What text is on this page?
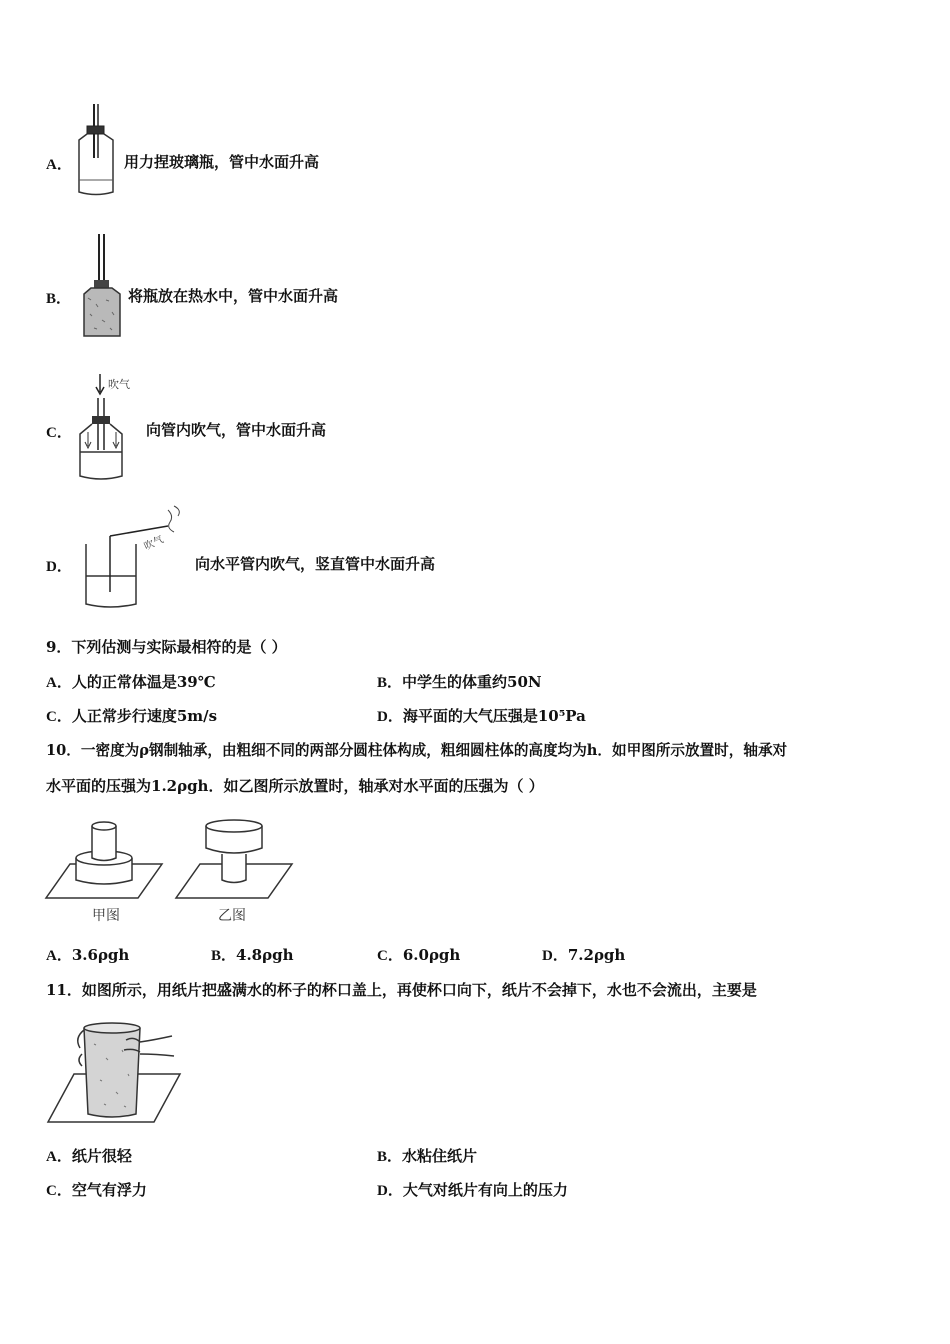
A．	用力捏玻璃瓶，管中水面升高
B．	将瓶放在热水中，管中水面升高
C．
吹气
向管内吹气，管中水面升高
D．
吹气
向水平管内吹气，竖直管中水面升高
9．下列估测与实际最相符的是（ ）
A．人的正常体温是39℃	B．中学生的体重约50N
C．人正常步行速度5m/s	D．海平面的大气压强是10⁵Pa
10．一密度为ρ钢制轴承，由粗细不同的两部分圆柱体构成，粗细圆柱体的高度均为h．如甲图所示放置时，轴承对
水平面的压强为1.2ρgh．如乙图所示放置时，轴承对水平面的压强为（ ）
甲图	乙图
A．3.6ρgh	B．4.8ρgh	C．6.0ρgh	D．7.2ρgh
11．如图所示，用纸片把盛满水的杯子的杯口盖上，再使杯口向下，纸片不会掉下，水也不会流出，主要是
A．纸片很轻	B．水粘住纸片
C．空气有浮力	D．大气对纸片有向上的压力
